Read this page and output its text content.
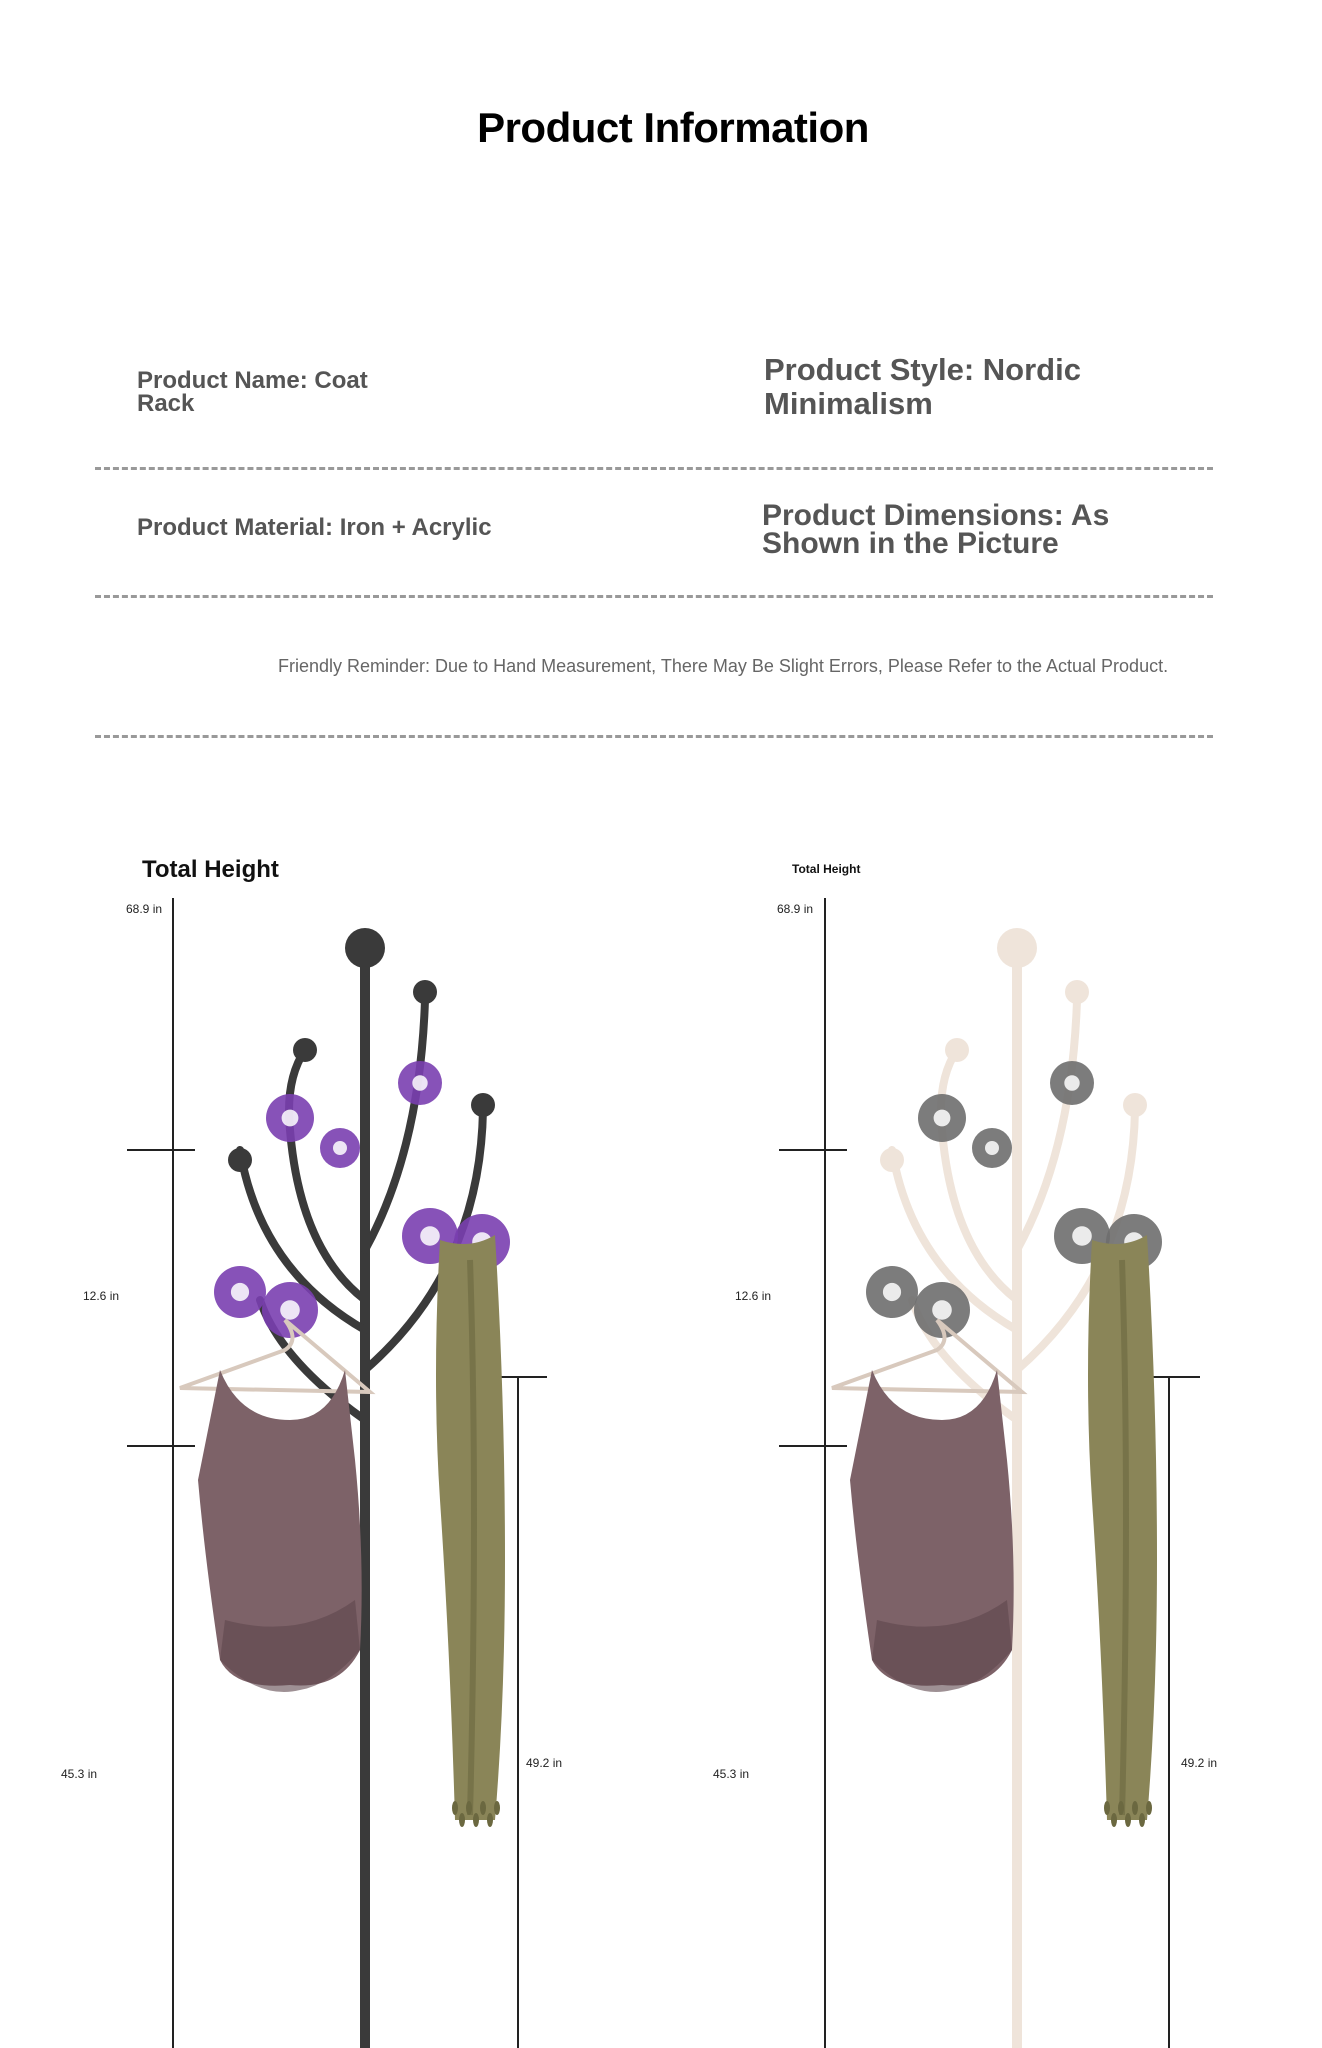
Product Information
Product Name: Coat Rack
Product Style: Nordic Minimalism
Product Material: Iron + Acrylic	Product Dimensions: As Shown in the Picture
Friendly Reminder: Due to Hand Measurement, There May Be Slight Errors, Please Refer to the Actual Product.
Total Height
68.9 in
12.6 in
45.3 in
49.2 in
Total Height
68.9 in
12.6 in
45.3 in
49.2 in
